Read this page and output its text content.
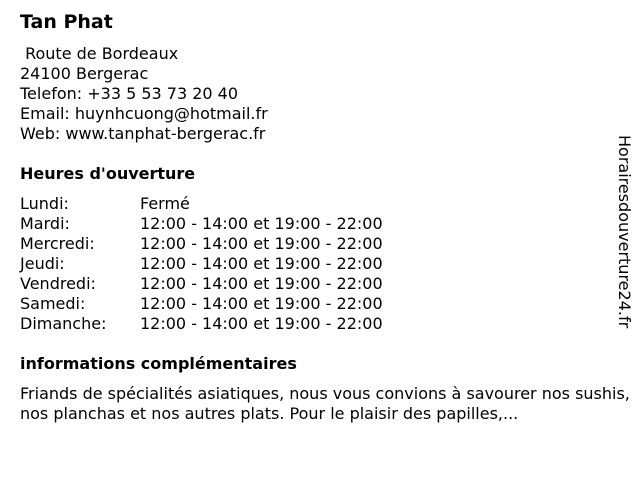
Tan Phat
Route de Bordeaux
24100 Bergerac
Telefon: +33 5 53 73 20 40
Email: huynhcuong@hotmail.fr
Web: www.tanphat-bergerac.fr
Heures d'ouverture
Lundi:	Fermé
Mardi:	12:00 - 14:00 et 19:00 - 22:00
Mercredi:	12:00 - 14:00 et 19:00 - 22:00
Jeudi:	12:00 - 14:00 et 19:00 - 22:00
Vendredi:	12:00 - 14:00 et 19:00 - 22:00
Samedi:	12:00 - 14:00 et 19:00 - 22:00
Dimanche:	12:00 - 14:00 et 19:00 - 22:00
informations complémentaires

Friands de spécialités asiatiques, nous vous convions à savourer nos sushis, nos planchas et nos autres plats. Pour le plaisir des papilles,...

Horairesdouverture24.fr
